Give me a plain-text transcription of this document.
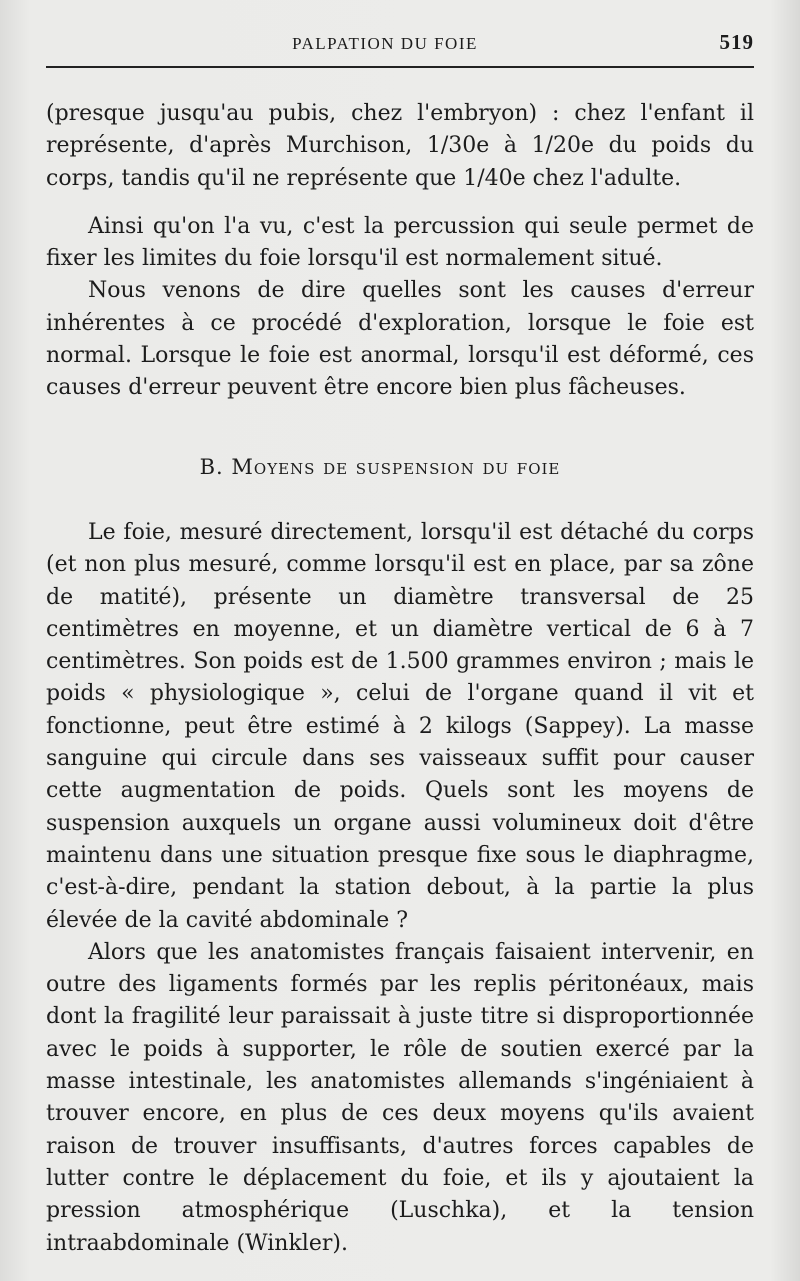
PALPATION DU FOIE	519

(presque jusqu'au pubis, chez l'embryon) : chez l'enfant il représente, d'après Murchison, 1/30e à 1/20e du poids du corps, tandis qu'il ne représente que 1/40e chez l'adulte.

Ainsi qu'on l'a vu, c'est la percussion qui seule permet de fixer les limites du foie lorsqu'il est normalement situé.

Nous venons de dire quelles sont les causes d'erreur inhérentes à ce procédé d'exploration, lorsque le foie est normal. Lorsque le foie est anormal, lorsqu'il est déformé, ces causes d'erreur peuvent être encore bien plus fâcheuses.

B. Moyens de suspension du foie

Le foie, mesuré directement, lorsqu'il est détaché du corps (et non plus mesuré, comme lorsqu'il est en place, par sa zône de matité), présente un diamètre transversal de 25 centimètres en moyenne, et un diamètre vertical de 6 à 7 centimètres. Son poids est de 1.500 grammes environ ; mais le poids « physiologique », celui de l'organe quand il vit et fonctionne, peut être estimé à 2 kilogs (Sappey). La masse sanguine qui circule dans ses vaisseaux suffit pour causer cette augmentation de poids. Quels sont les moyens de suspension auxquels un organe aussi volumineux doit d'être maintenu dans une situation presque fixe sous le diaphragme, c'est-à-dire, pendant la station debout, à la partie la plus élevée de la cavité abdominale ?

Alors que les anatomistes français faisaient intervenir, en outre des ligaments formés par les replis péritonéaux, mais dont la fragilité leur paraissait à juste titre si disproportionnée avec le poids à supporter, le rôle de soutien exercé par la masse intestinale, les anatomistes allemands s'ingéniaient à trouver encore, en plus de ces deux moyens qu'ils avaient raison de trouver insuffisants, d'autres forces capables de lutter contre le déplacement du foie, et ils y ajoutaient la pression atmosphérique (Luschka), et la tension intraabdominale (Winkler).
